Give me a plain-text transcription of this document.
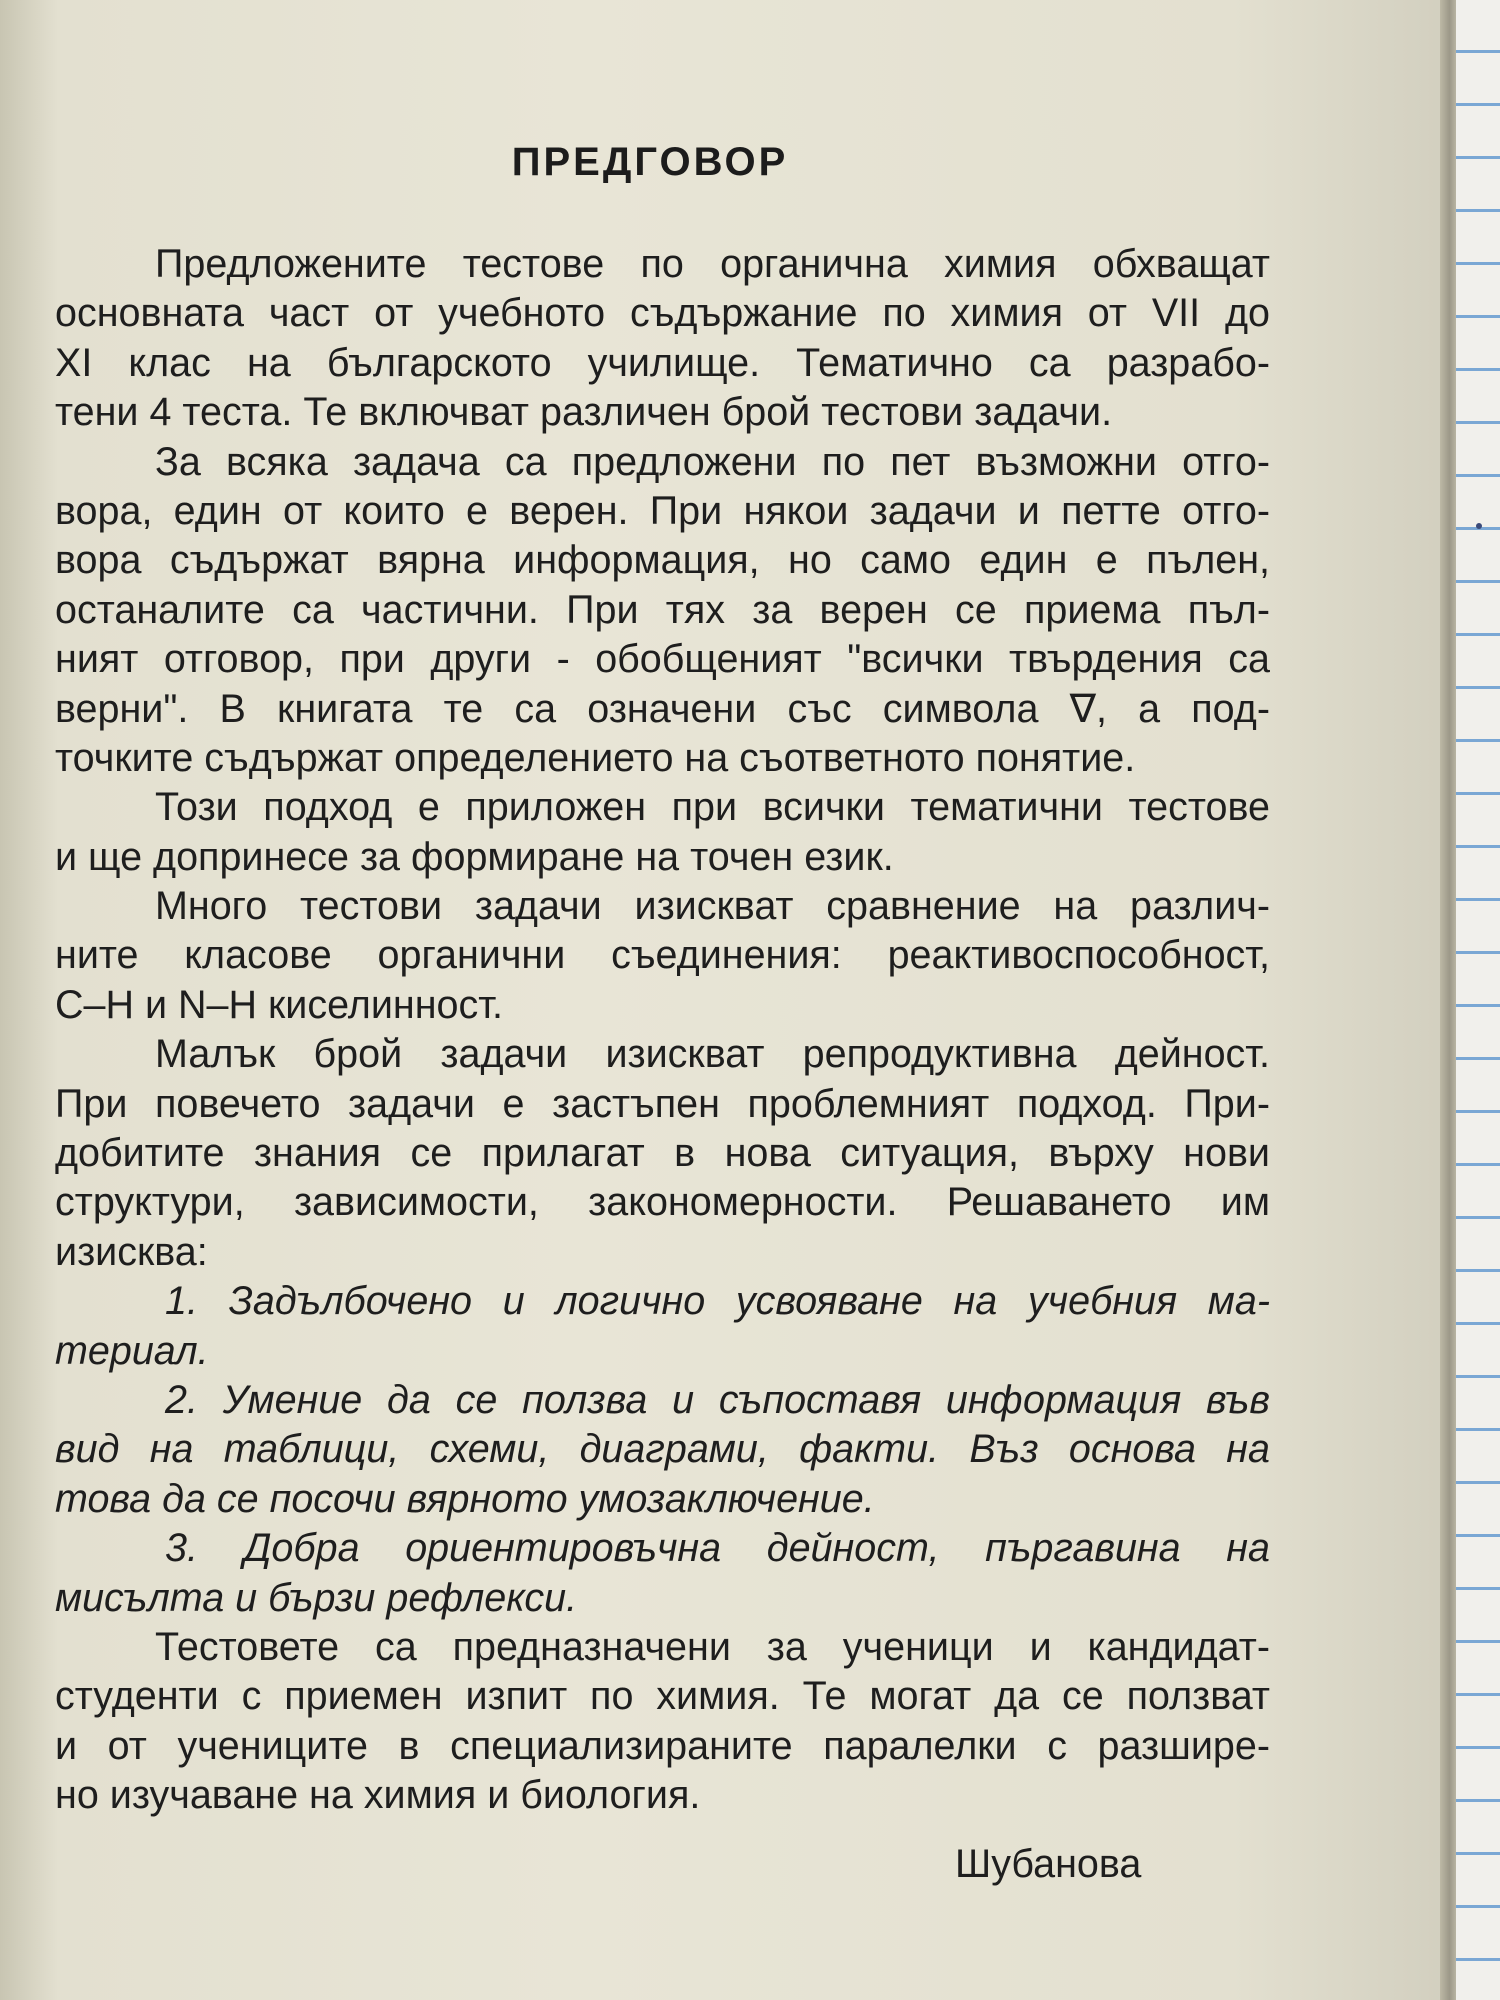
ПРЕДГОВОР
Предложените тестове по органична химия обхващат
основната част от учебното съдържание по химия от VII до
XI клас на българското училище. Тематично са разрабо-
тени 4 теста. Те включват различен брой тестови задачи.
За всяка задача са предложени по пет възможни отго-
вора, един от които е верен. При някои задачи и петте отго-
вора съдържат вярна информация, но само един е пълен,
останалите са частични. При тях за верен се приема пъл-
ният отговор, при други - обобщеният "всички твърдения са
верни". В книгата те са означени със символа ∇, а под-
точките съдържат определението на съответното понятие.
Този подход е приложен при всички тематични тестове
и ще допринесе за формиране на точен език.
Много тестови задачи изискват сравнение на различ-
ните класове органични съединения: реактивоспособност,
C–H и N–H киселинност.
Малък брой задачи изискват репродуктивна дейност.
При повечето задачи е застъпен проблемният подход. При-
добитите знания се прилагат в нова ситуация, върху нови
структури, зависимости, закономерности. Решаването им
изисква:
1. Задълбочено и логично усвояване на учебния ма-
териал.
2. Умение да се ползва и съпоставя информация във
вид на таблици, схеми, диаграми, факти. Въз основа на
това да се посочи вярното умозаключение.
3. Добра ориентировъчна дейност, пъргавина на
мисълта и бързи рефлекси.
Тестовете са предназначени за ученици и кандидат-
студенти с приемен изпит по химия. Те могат да се ползват
и от учениците в специализираните паралелки с разшире-
но изучаване на химия и биология.
Шубанова
